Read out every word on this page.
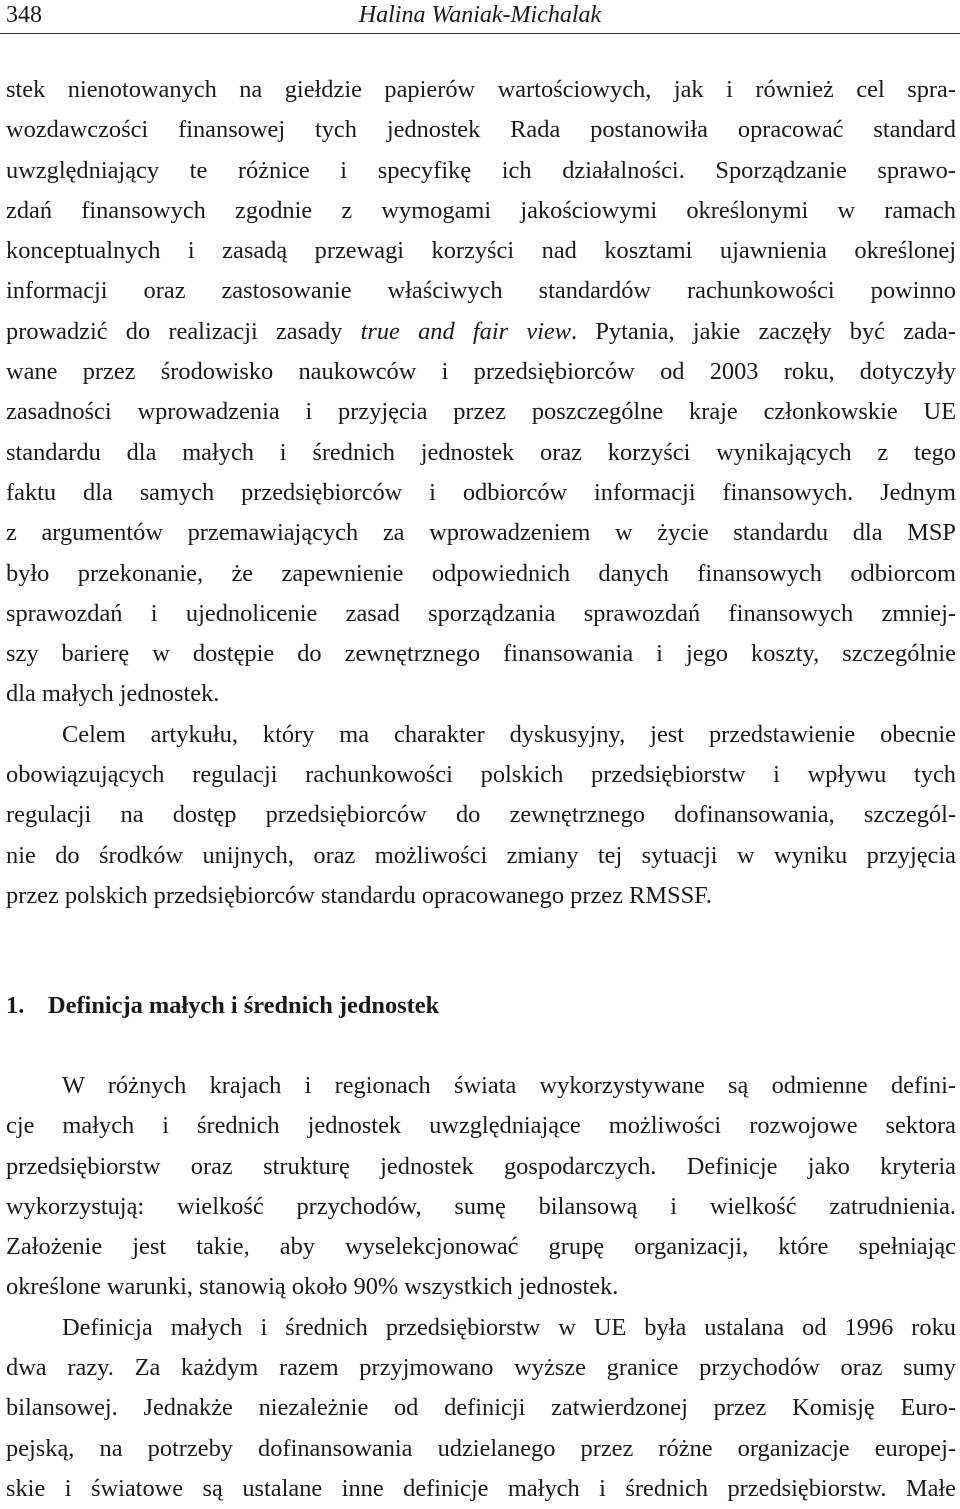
348	Halina Waniak-Michalak
stek nienotowanych na giełdzie papierów wartościowych, jak i również cel spra-
wozdawczości finansowej tych jednostek Rada postanowiła opracować standard
uwzględniający te różnice i specyfikę ich działalności. Sporządzanie sprawo-
zdań finansowych zgodnie z wymogami jakościowymi określonymi w ramach
konceptualnych i zasadą przewagi korzyści nad kosztami ujawnienia określonej
informacji oraz zastosowanie właściwych standardów rachunkowości powinno
prowadzić do realizacji zasady true and fair view. Pytania, jakie zaczęły być zada-
wane przez środowisko naukowców i przedsiębiorców od 2003 roku, dotyczyły
zasadności wprowadzenia i przyjęcia przez poszczególne kraje członkowskie UE
standardu dla małych i średnich jednostek oraz korzyści wynikających z tego
faktu dla samych przedsiębiorców i odbiorców informacji finansowych. Jednym
z argumentów przemawiających za wprowadzeniem w życie standardu dla MSP
było przekonanie, że zapewnienie odpowiednich danych finansowych odbiorcom
sprawozdań i ujednolicenie zasad sporządzania sprawozdań finansowych zmniej-
szy barierę w dostępie do zewnętrznego finansowania i jego koszty, szczególnie
dla małych jednostek.
Celem artykułu, który ma charakter dyskusyjny, jest przedstawienie obecnie
obowiązujących regulacji rachunkowości polskich przedsiębiorstw i wpływu tych
regulacji na dostęp przedsiębiorców do zewnętrznego dofinansowania, szczegól-
nie do środków unijnych, oraz możliwości zmiany tej sytuacji w wyniku przyjęcia
przez polskich przedsiębiorców standardu opracowanego przez RMSSF.
1. Definicja małych i średnich jednostek
W różnych krajach i regionach świata wykorzystywane są odmienne defini-
cje małych i średnich jednostek uwzględniające możliwości rozwojowe sektora
przedsiębiorstw oraz strukturę jednostek gospodarczych. Definicje jako kryteria
wykorzystują: wielkość przychodów, sumę bilansową i wielkość zatrudnienia.
Założenie jest takie, aby wyselekcjonować grupę organizacji, które spełniając
określone warunki, stanowią około 90% wszystkich jednostek.
Definicja małych i średnich przedsiębiorstw w UE była ustalana od 1996 roku
dwa razy. Za każdym razem przyjmowano wyższe granice przychodów oraz sumy
bilansowej. Jednakże niezależnie od definicji zatwierdzonej przez Komisję Euro-
pejską, na potrzeby dofinansowania udzielanego przez różne organizacje europej-
skie i światowe są ustalane inne definicje małych i średnich przedsiębiorstw. Małe
